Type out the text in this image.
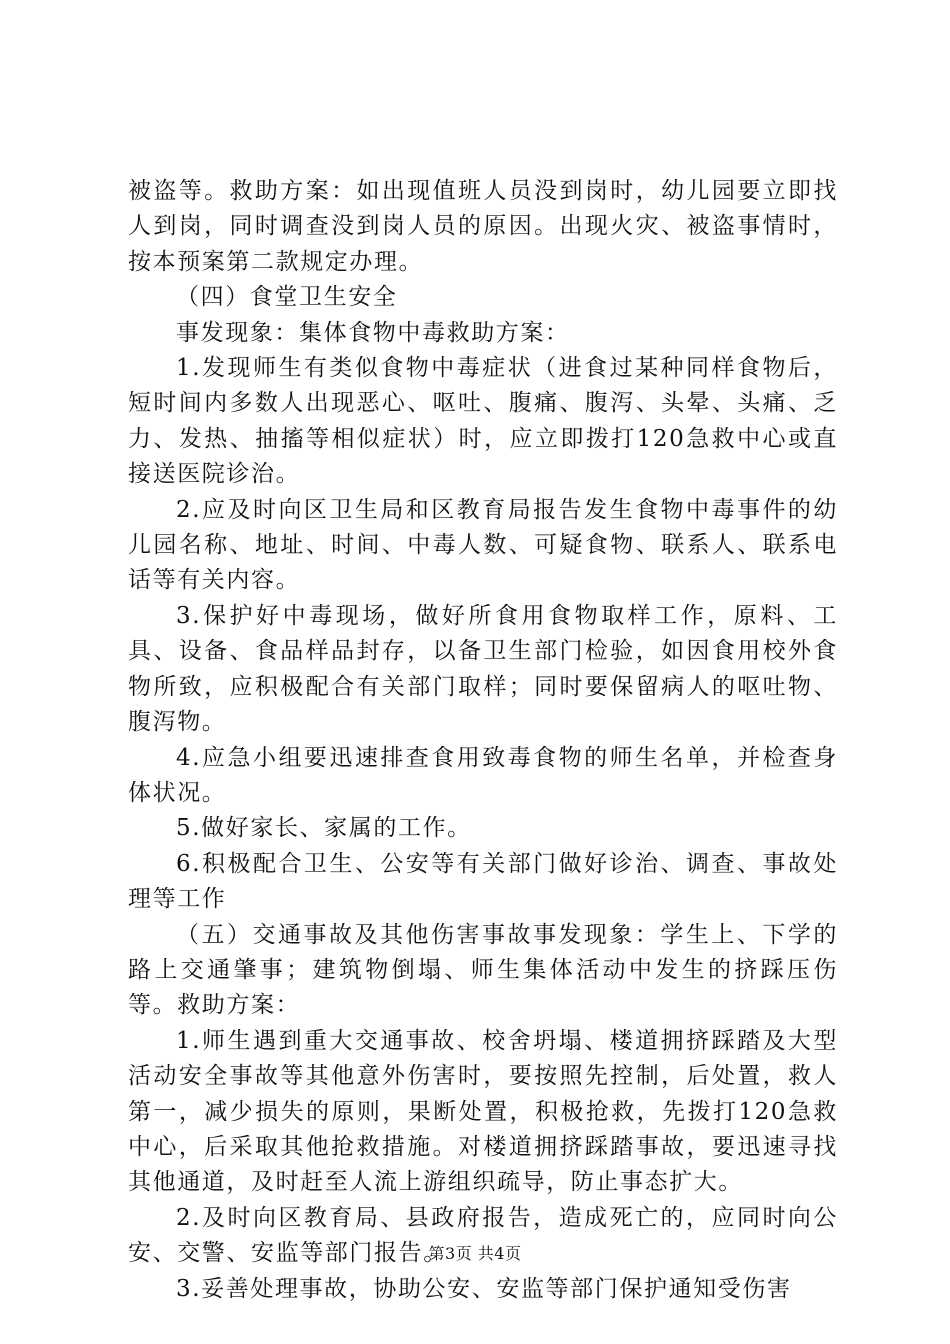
被盗等。救助方案：如出现值班人员没到岗时，幼儿园要立即找人到岗，同时调查没到岗人员的原因。出现火灾、被盗事情时，按本预案第二款规定办理。

（四）食堂卫生安全

事发现象：集体食物中毒救助方案：

1.发现师生有类似食物中毒症状（进食过某种同样食物后，短时间内多数人出现恶心、呕吐、腹痛、腹泻、头晕、头痛、乏力、发热、抽搐等相似症状）时，应立即拨打120急救中心或直接送医院诊治。

2.应及时向区卫生局和区教育局报告发生食物中毒事件的幼儿园名称、地址、时间、中毒人数、可疑食物、联系人、联系电话等有关内容。

3.保护好中毒现场，做好所食用食物取样工作，原料、工具、设备、食品样品封存，以备卫生部门检验，如因食用校外食物所致，应积极配合有关部门取样；同时要保留病人的呕吐物、腹泻物。

4.应急小组要迅速排查食用致毒食物的师生名单，并检查身体状况。

5.做好家长、家属的工作。

6.积极配合卫生、公安等有关部门做好诊治、调查、事故处理等工作

（五）交通事故及其他伤害事故事发现象：学生上、下学的路上交通肇事；建筑物倒塌、师生集体活动中发生的挤踩压伤等。救助方案：

1.师生遇到重大交通事故、校舍坍塌、楼道拥挤踩踏及大型活动安全事故等其他意外伤害时，要按照先控制，后处置，救人第一，减少损失的原则，果断处置，积极抢救，先拨打120急救中心，后采取其他抢救措施。对楼道拥挤踩踏事故，要迅速寻找其他通道，及时赶至人流上游组织疏导，防止事态扩大。

2.及时向区教育局、县政府报告，造成死亡的，应同时向公安、交警、安监等部门报告。

3.妥善处理事故，协助公安、安监等部门保护通知受伤害

第3页 共4页
